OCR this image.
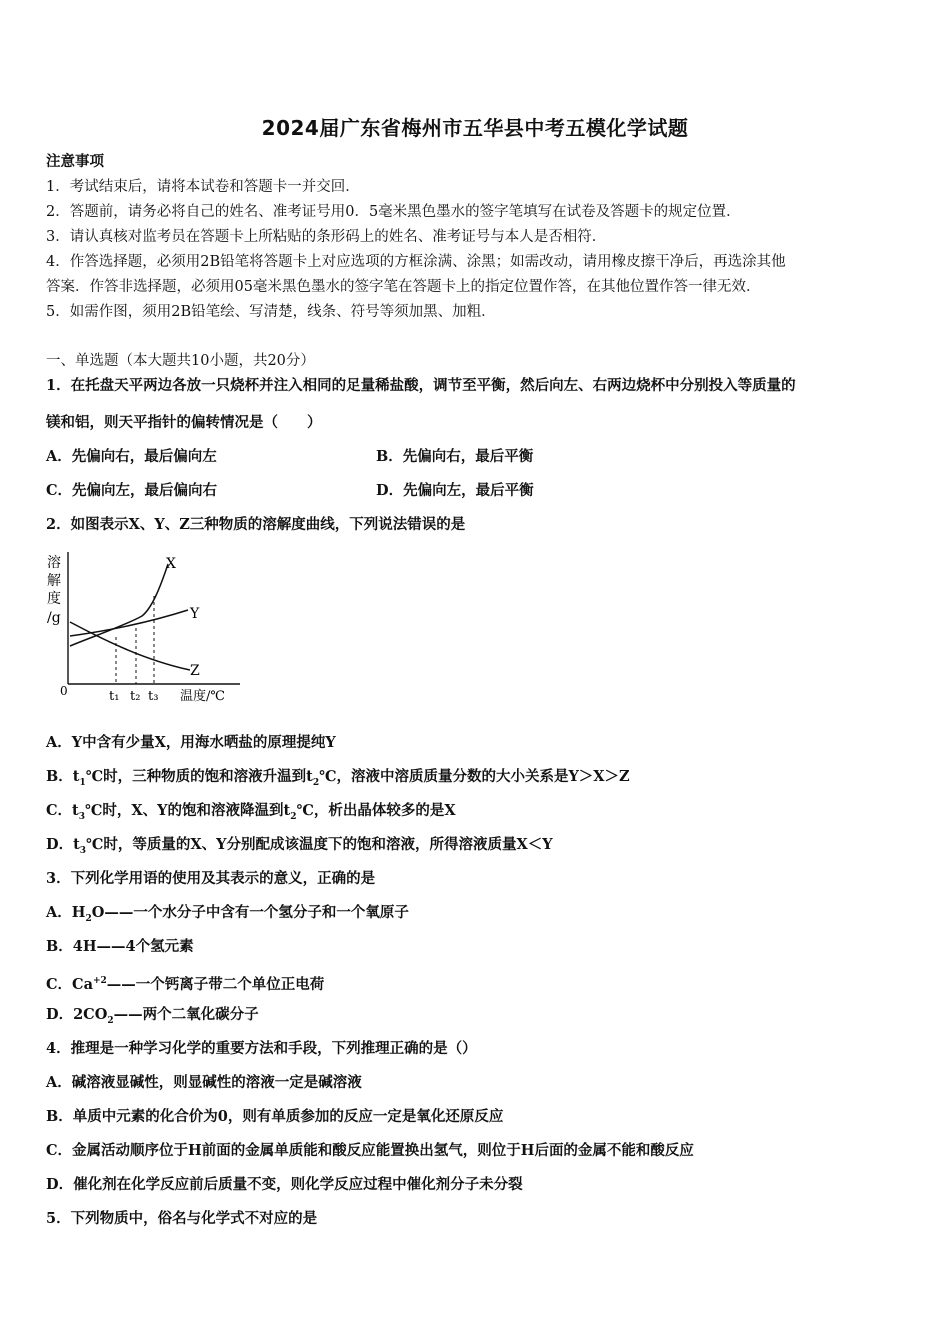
2024届广东省梅州市五华县中考五模化学试题
注意事项
1．考试结束后，请将本试卷和答题卡一并交回．
2．答题前，请务必将自己的姓名、准考证号用0．5毫米黑色墨水的签字笔填写在试卷及答题卡的规定位置．
3．请认真核对监考员在答题卡上所粘贴的条形码上的姓名、准考证号与本人是否相符．
4．作答选择题，必须用2B铅笔将答题卡上对应选项的方框涂满、涂黑；如需改动，请用橡皮擦干净后，再选涂其他
答案．作答非选择题，必须用05毫米黑色墨水的签字笔在答题卡上的指定位置作答，在其他位置作答一律无效．
5．如需作图，须用2B铅笔绘、写清楚，线条、符号等须加黑、加粗．
一、单选题（本大题共10小题，共20分）
1．在托盘天平两边各放一只烧杯并注入相同的足量稀盐酸，调节至平衡，然后向左、右两边烧杯中分别投入等质量的
镁和铝，则天平指针的偏转情况是（　　）
A．先偏向右，最后偏向左	B．先偏向右，最后平衡
C．先偏向左，最后偏向右	D．先偏向左，最后平衡
2．如图表示X、Y、Z三种物质的溶解度曲线，下列说法错误的是
溶
解
度
/g
0
X
Y
Z
t₁ t₂ t₃ 温度/℃
A．Y中含有少量X，用海水晒盐的原理提纯Y
B．$t_1℃$时，三种物质的饱和溶液升温到$t_2℃$，溶液中溶质质量分数的大小关系是Y＞X＞Z
C．$t_3℃$时，X、Y的饱和溶液降温到$t_2℃$，析出晶体较多的是X
D．$t_3℃$时，等质量的X、Y分别配成该温度下的饱和溶液，所得溶液质量X＜Y
3．下列化学用语的使用及其表示的意义，正确的是
A．$H_2O——$一个水分子中含有一个氢分子和一个氧原子
B．4H——4个氢元素
C．$Ca^{+2}——$一个钙离子带二个单位正电荷
D．$2CO_2——$两个二氧化碳分子
4．推理是一种学习化学的重要方法和手段，下列推理正确的是（）
A．碱溶液显碱性，则显碱性的溶液一定是碱溶液
B．单质中元素的化合价为0，则有单质参加的反应一定是氧化还原反应
C．金属活动顺序位于H前面的金属单质能和酸反应能置换出氢气，则位于H后面的金属不能和酸反应
D．催化剂在化学反应前后质量不变，则化学反应过程中催化剂分子未分裂
5．下列物质中，俗名与化学式不对应的是
